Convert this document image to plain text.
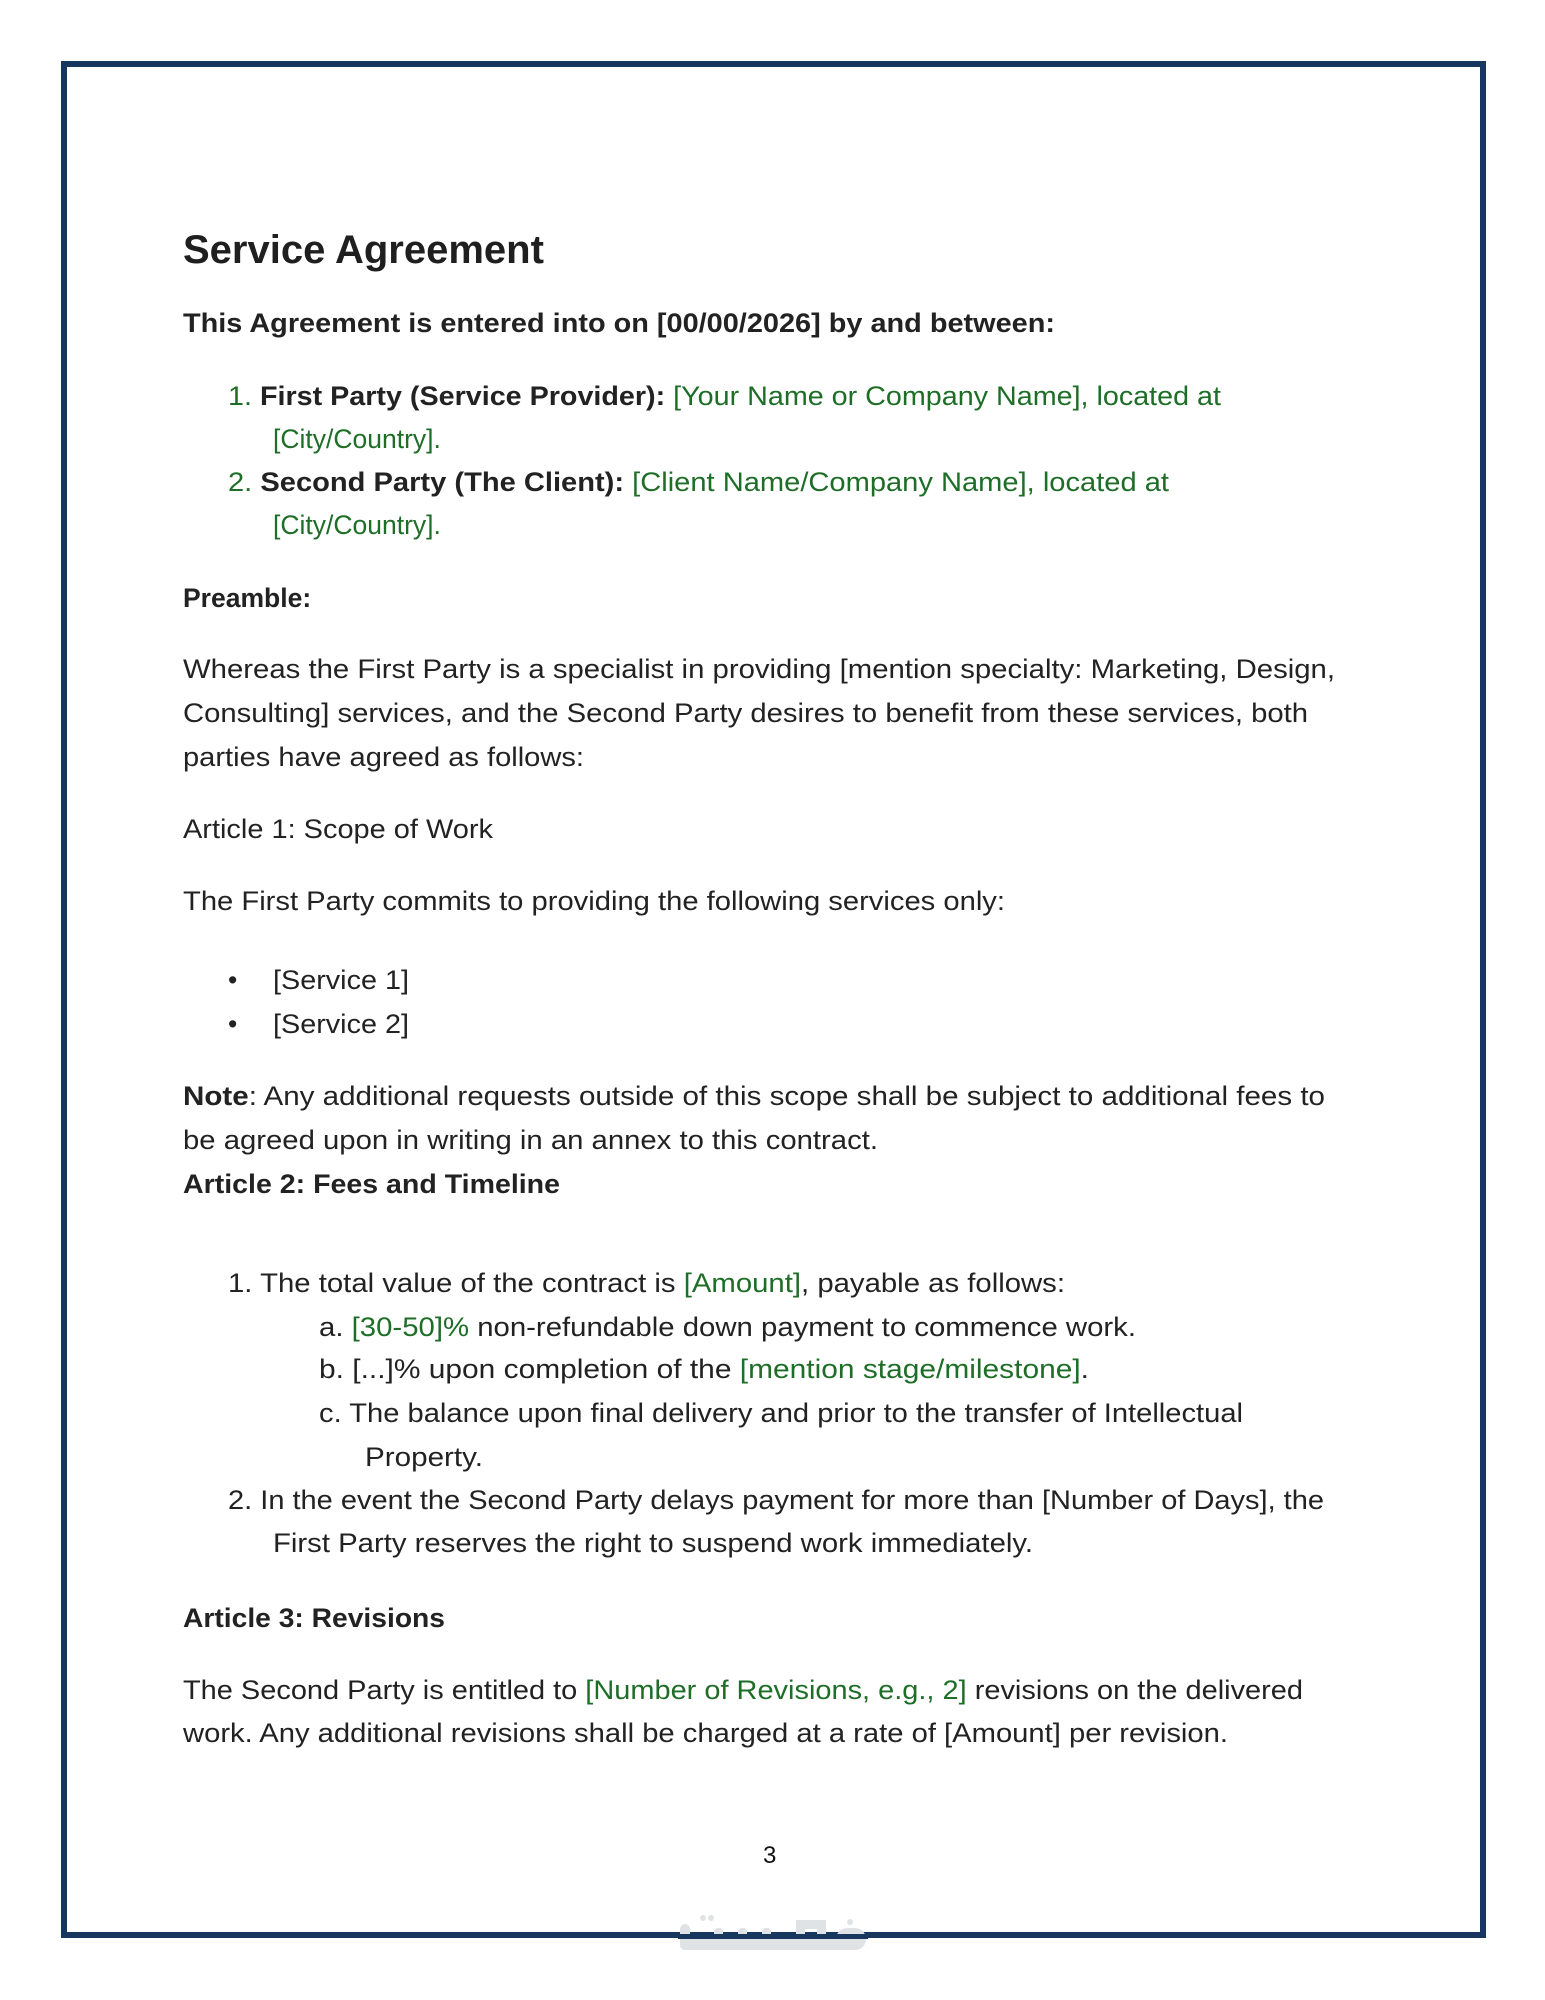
Service Agreement
This Agreement is entered into on [00/00/2026] by and between:
1. First Party (Service Provider): [Your Name or Company Name], located at
[City/Country].
2. Second Party (The Client): [Client Name/Company Name], located at
[City/Country].
Preamble:
Whereas the First Party is a specialist in providing [mention specialty: Marketing, Design,
Consulting] services, and the Second Party desires to benefit from these services, both
parties have agreed as follows:
Article 1: Scope of Work
The First Party commits to providing the following services only:
• [Service 1]
• [Service 2]
Note: Any additional requests outside of this scope shall be subject to additional fees to
be agreed upon in writing in an annex to this contract.
Article 2: Fees and Timeline
1. The total value of the contract is [Amount], payable as follows:
a. [30-50]% non-refundable down payment to commence work.
b. [...]% upon completion of the [mention stage/milestone].
c. The balance upon final delivery and prior to the transfer of Intellectual
Property.
2. In the event the Second Party delays payment for more than [Number of Days], the
First Party reserves the right to suspend work immediately.
Article 3: Revisions
The Second Party is entitled to [Number of Revisions, e.g., 2] revisions on the delivered
work. Any additional revisions shall be charged at a rate of [Amount] per revision.
3
